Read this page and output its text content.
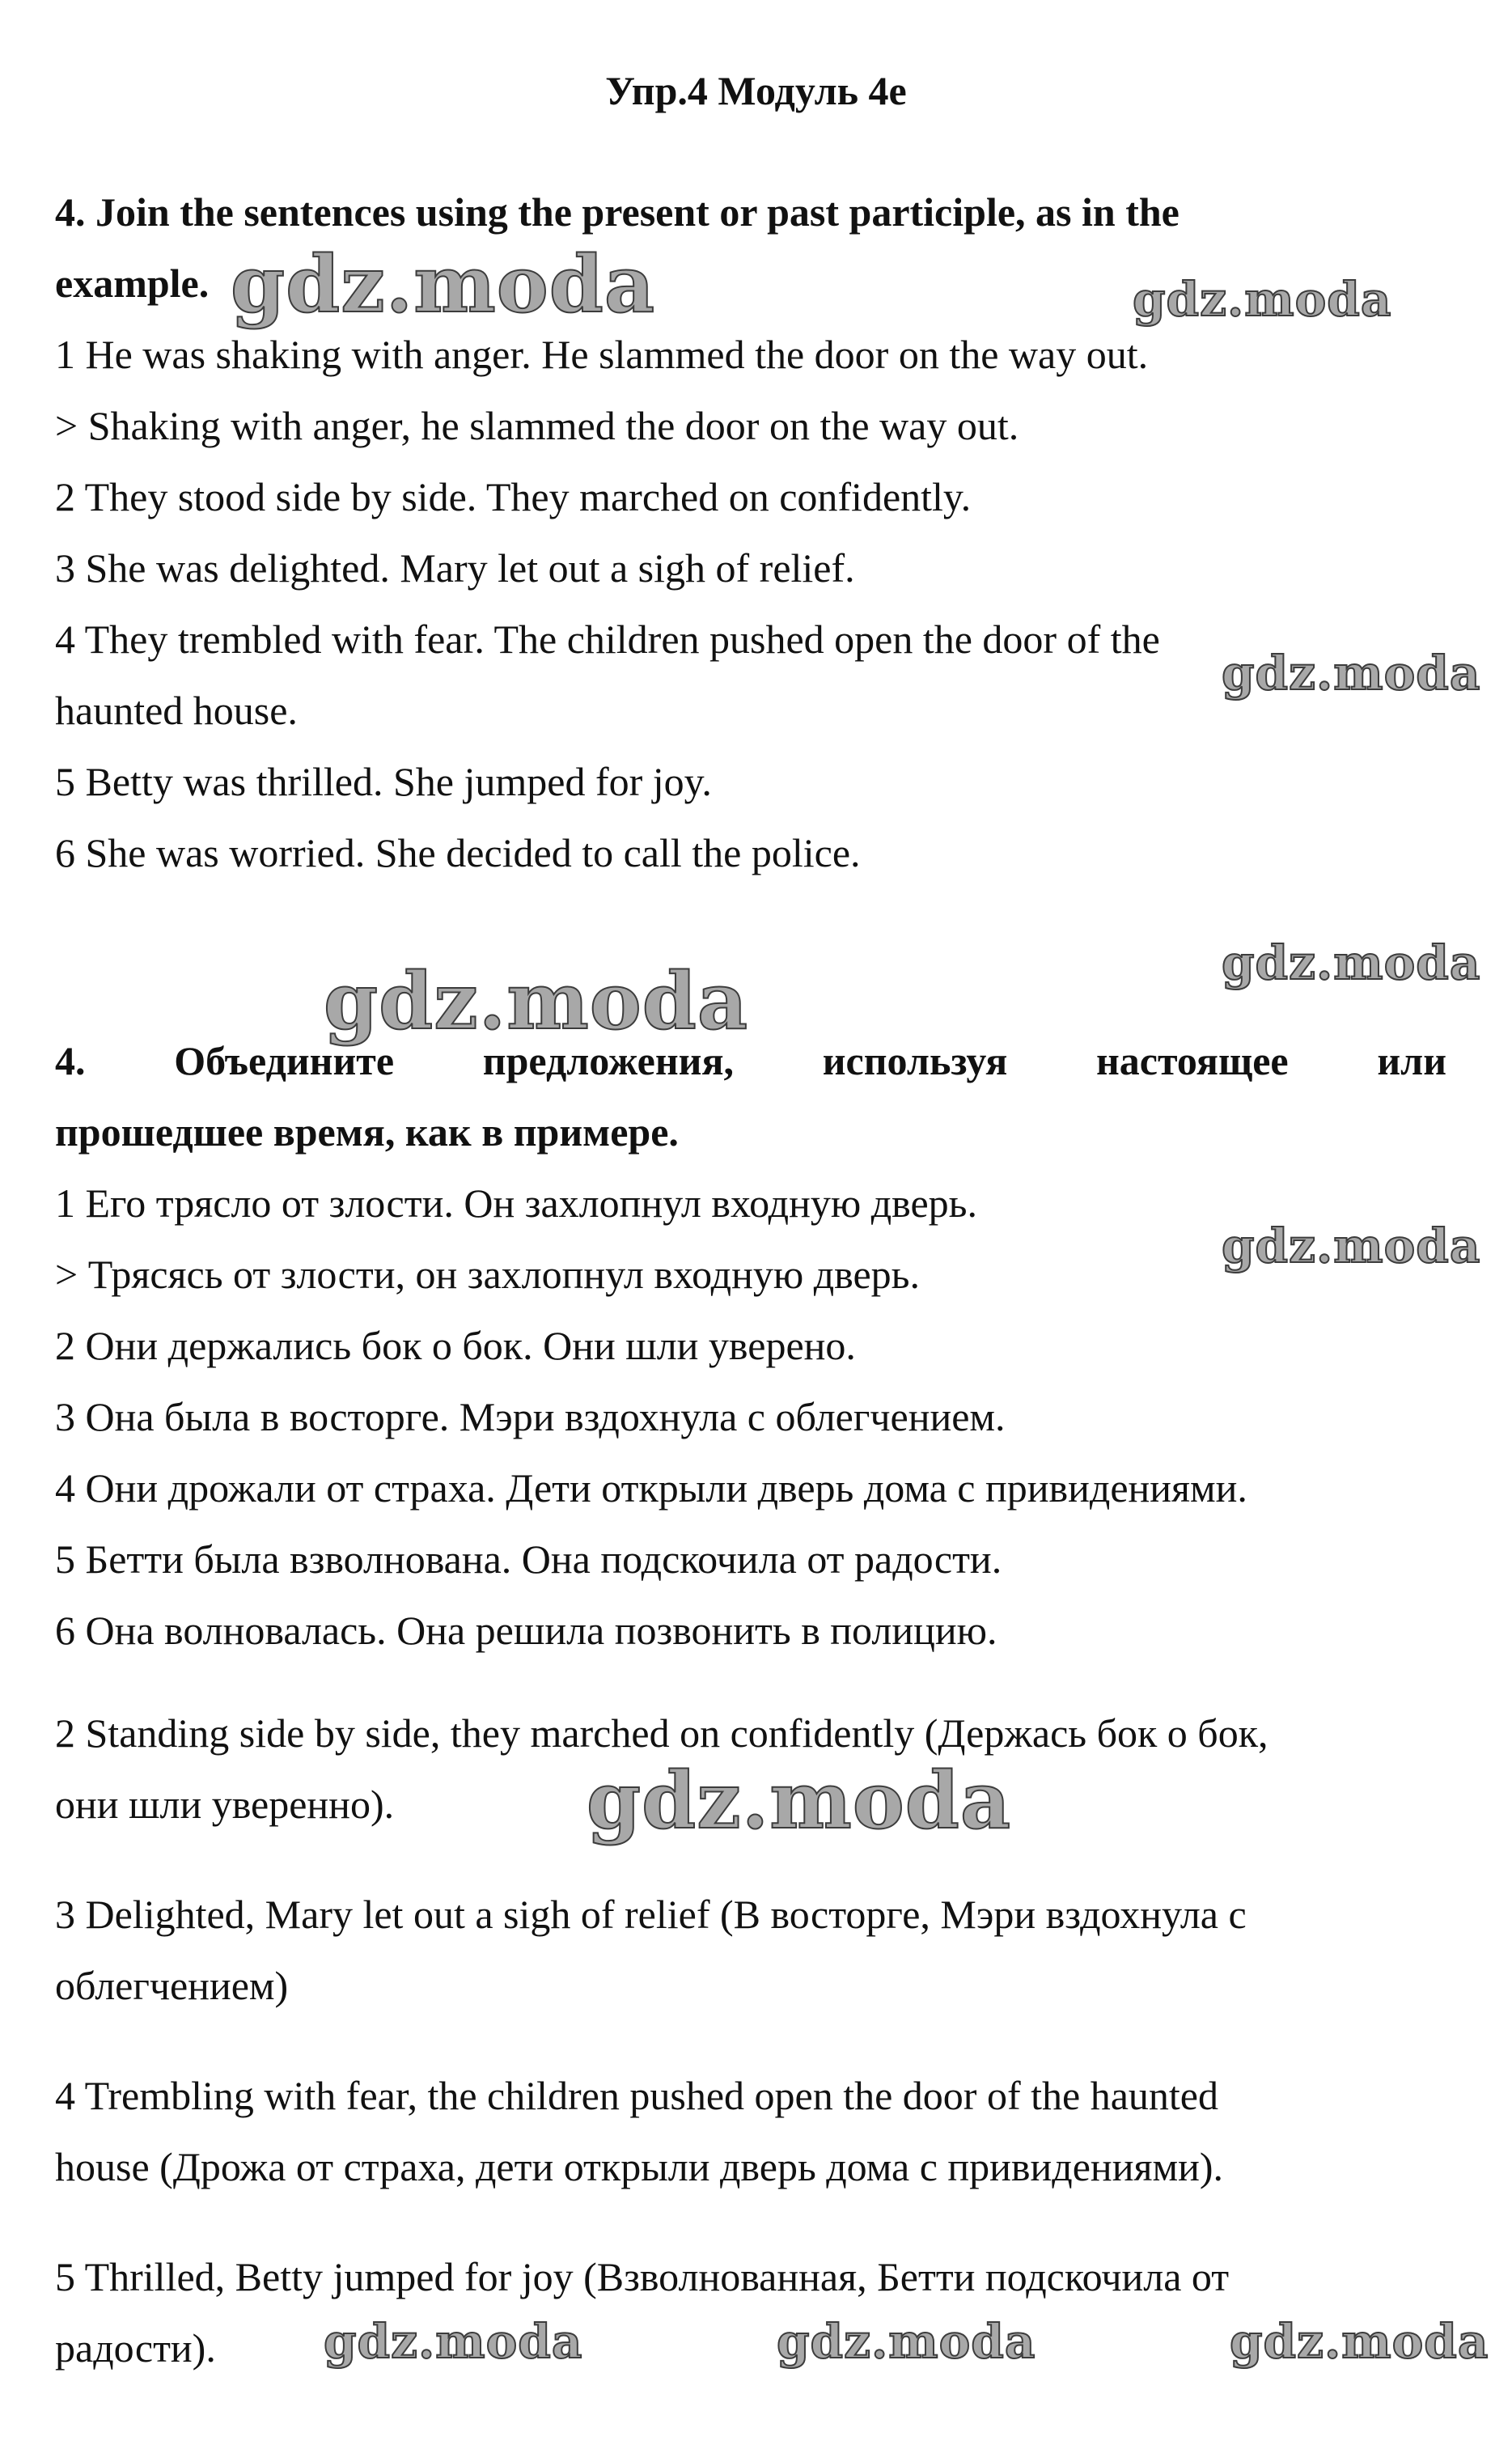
Упр.4 Модуль 4e
4. Join the sentences using the present or past participle, as in the
example.
1 He was shaking with anger. He slammed the door on the way out.
> Shaking with anger, he slammed the door on the way out.
2 They stood side by side. They marched on confidently.
3 She was delighted. Mary let out a sigh of relief.
4 They trembled with fear. The children pushed open the door of the
haunted house.
5 Betty was thrilled. She jumped for joy.
6 She was worried. She decided to call the police.
4. Объедините предложения, используя настоящее или
прошедшее время, как в примере.
1 Его трясло от злости. Он захлопнул входную дверь.
> Трясясь от злости, он захлопнул входную дверь.
2 Они держались бок о бок. Они шли уверено.
3 Она была в восторге. Мэри вздохнула с облегчением.
4 Они дрожали от страха. Дети открыли дверь дома с привидениями.
5 Бетти была взволнована. Она подскочила от радости.
6 Она волновалась. Она решила позвонить в полицию.
2 Standing side by side, they marched on confidently (Держась бок о бок,
они шли уверенно).
3 Delighted, Mary let out a sigh of relief (В восторге, Мэри вздохнула с
облегчением)
4 Trembling with fear, the children pushed open the door of the haunted
house (Дрожа от страха, дети открыли дверь дома с привидениями).
5 Thrilled, Betty jumped for joy (Взволнованная, Бетти подскочила от
радости).
gdz.moda	gdz.moda
gdz.moda
gdz.moda
gdz.moda
gdz.moda
gdz.moda
gdz.moda	gdz.moda	gdz.moda
